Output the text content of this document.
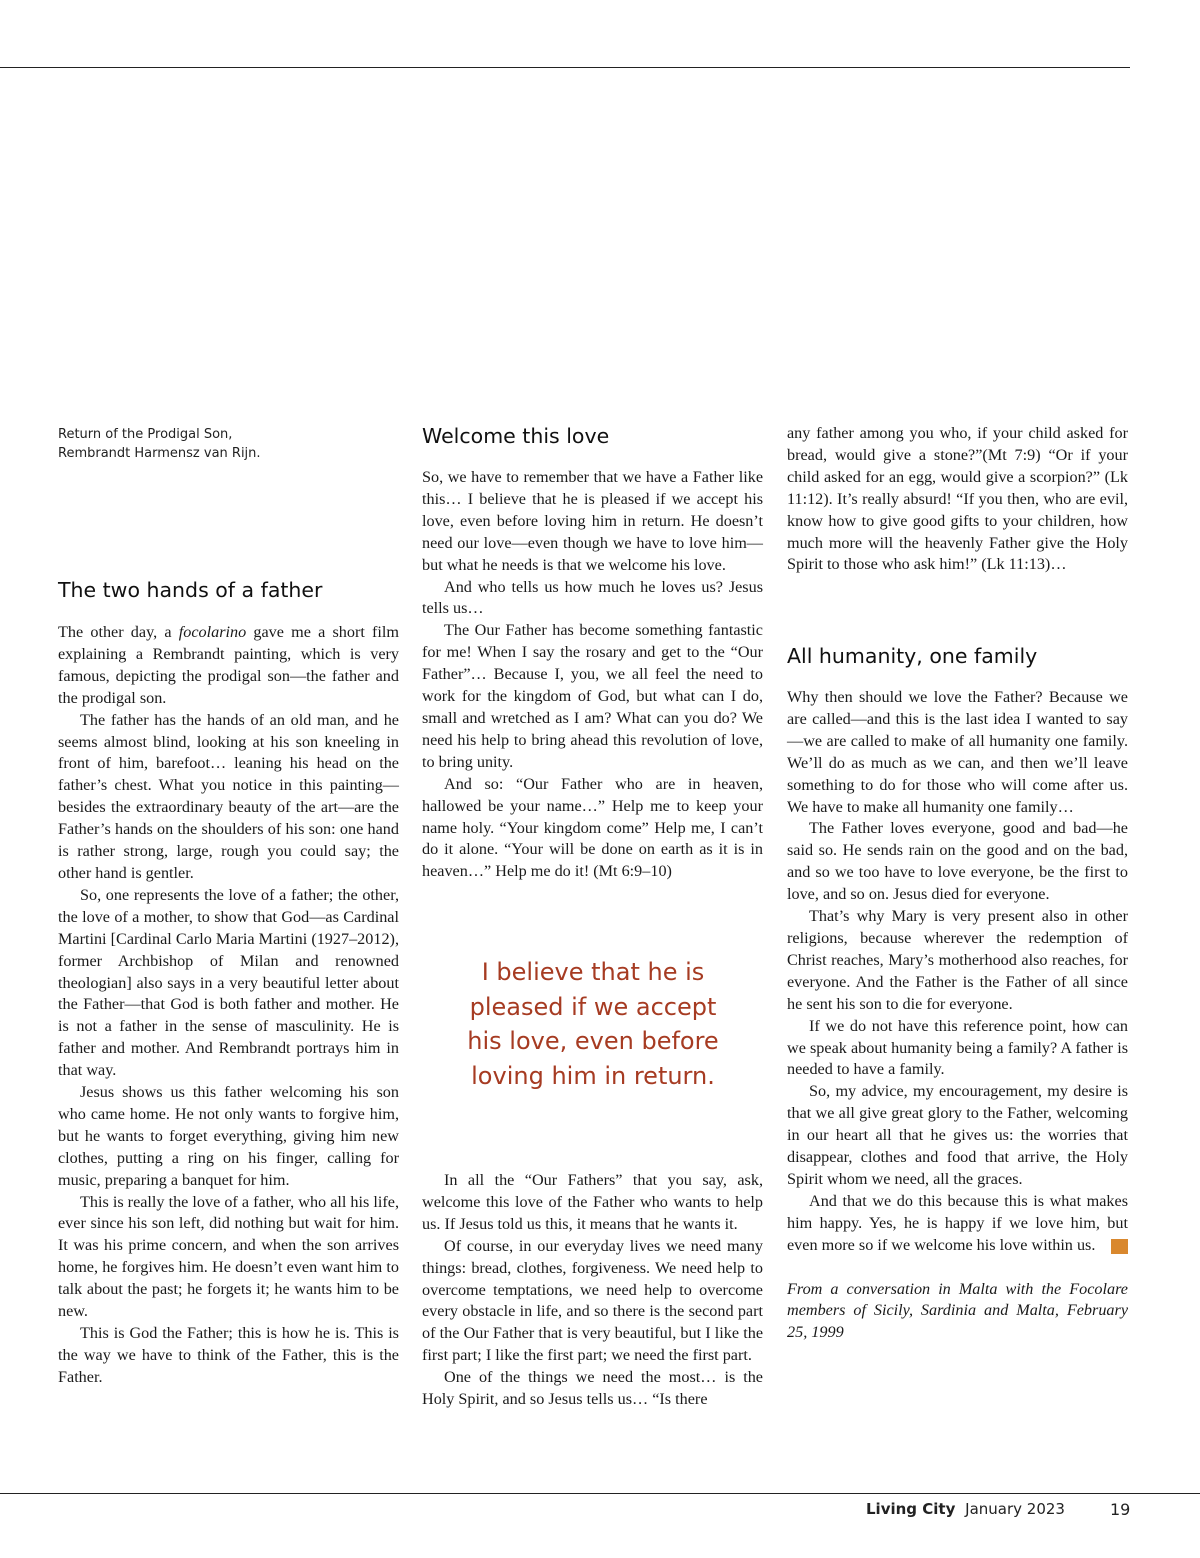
Return of the Prodigal Son,
Rembrandt Harmensz van Rijn.
The two hands of a father

The other day, a focolarino gave me a short film explaining a Rembrandt painting, which is very famous, depicting the prodigal son—the father and the prodigal son.

The father has the hands of an old man, and he seems almost blind, looking at his son kneeling in front of him, barefoot… leaning his head on the father’s chest. What you notice in this painting—besides the extraordinary beauty of the art—are the Father’s hands on the shoulders of his son: one hand is rather strong, large, rough you could say; the other hand is gentler.

So, one represents the love of a father; the other, the love of a mother, to show that God—as Cardinal Martini [Cardinal Carlo Maria Martini (1927–2012), former Archbishop of Milan and renowned theologian] also says in a very beautiful letter about the Father—that God is both father and mother. He is not a father in the sense of masculinity. He is father and mother. And Rembrandt portrays him in that way.

Jesus shows us this father welcoming his son who came home. He not only wants to forgive him, but he wants to forget everything, giving him new clothes, putting a ring on his finger, calling for music, preparing a banquet for him.

This is really the love of a father, who all his life, ever since his son left, did nothing but wait for him. It was his prime concern, and when the son arrives home, he forgives him. He doesn’t even want him to talk about the past; he forgets it; he wants him to be new.

This is God the Father; this is how he is. This is the way we have to think of the Father, this is the Father.

Welcome this love

So, we have to remember that we have a Father like this… I believe that he is pleased if we accept his love, even before loving him in return. He doesn’t need our love—even though we have to love him—but what he needs is that we welcome his love.

And who tells us how much he loves us? Jesus tells us…

The Our Father has become something fantastic for me! When I say the rosary and get to the “Our Father”… Because I, you, we all feel the need to work for the kingdom of God, but what can I do, small and wretched as I am? What can you do? We need his help to bring ahead this revolution of love, to bring unity.

And so: “Our Father who are in heaven, hallowed be your name…” Help me to keep your name holy. “Your kingdom come” Help me, I can’t do it alone. “Your will be done on earth as it is in heaven…” Help me do it! (Mt 6:9–10)

I believe that he is pleased if we accept his love, even before loving him in return.

In all the “Our Fathers” that you say, ask, welcome this love of the Father who wants to help us. If Jesus told us this, it means that he wants it.

Of course, in our everyday lives we need many things: bread, clothes, forgiveness. We need help to overcome temptations, we need help to overcome every obstacle in life, and so there is the second part of the Our Father that is very beautiful, but I like the first part; I like the first part; we need the first part.

One of the things we need the most… is the Holy Spirit, and so Jesus tells us… “Is there

any father among you who, if your child asked for bread, would give a stone?”(Mt 7:9) “Or if your child asked for an egg, would give a scorpion?” (Lk 11:12). It’s really absurd! “If you then, who are evil, know how to give good gifts to your children, how much more will the heavenly Father give the Holy Spirit to those who ask him!” (Lk 11:13)…

All humanity, one family

Why then should we love the Father? Because we are called—and this is the last idea I wanted to say—we are called to make of all humanity one family. We’ll do as much as we can, and then we’ll leave something to do for those who will come after us. We have to make all humanity one family…

The Father loves everyone, good and bad—he said so. He sends rain on the good and on the bad, and so we too have to love everyone, be the first to love, and so on. Jesus died for everyone.

That’s why Mary is very present also in other religions, because wherever the redemption of Christ reaches, Mary’s motherhood also reaches, for everyone. And the Father is the Father of all since he sent his son to die for everyone.

If we do not have this reference point, how can we speak about humanity being a family? A father is needed to have a family.

So, my advice, my encouragement, my desire is that we all give great glory to the Father, welcoming in our heart all that he gives us: the worries that disappear, clothes and food that arrive, the Holy Spirit whom we need, all the graces.

And that we do this because this is what makes him happy. Yes, he is happy if we love him, but even more so if we welcome his love within us.	LC

From a conversation in Malta with the Focolare members of Sicily, Sardinia and Malta, February 25, 1999

Living City January 2023	19
